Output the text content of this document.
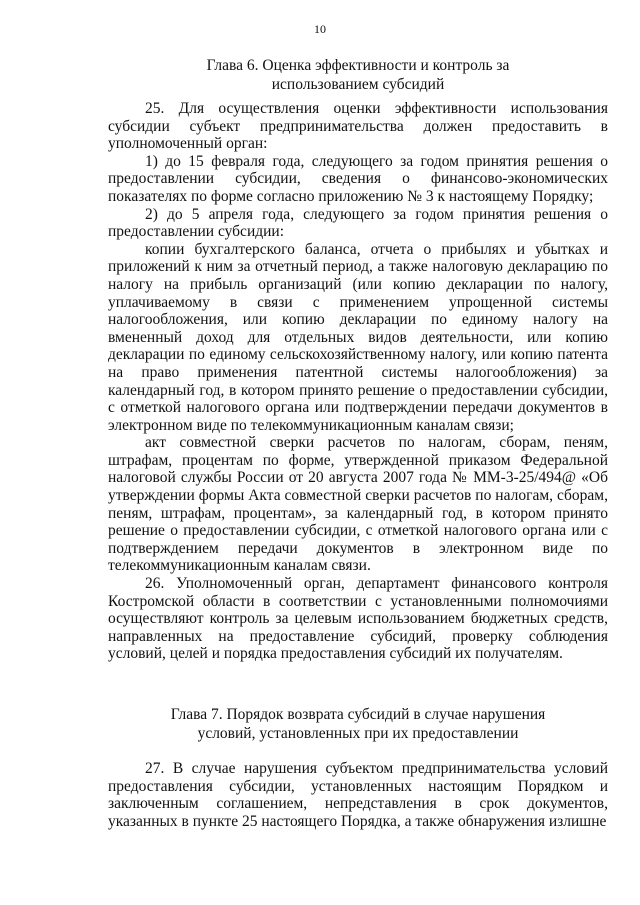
10
Глава 6. Оценка эффективности и контроль за
использованием субсидий

25. Для осуществления оценки эффективности использования субсидии субъект предпринимательства должен предоставить в уполномоченный орган:

1) до 15 февраля года, следующего за годом принятия решения о предоставлении субсидии, сведения о финансово-экономических показателях по форме согласно приложению № 3 к настоящему Порядку;

2) до 5 апреля года, следующего за годом принятия решения о предоставлении субсидии:

копии бухгалтерского баланса, отчета о прибылях и убытках и приложений к ним за отчетный период, а также налоговую декларацию по налогу на прибыль организаций (или копию декларации по налогу, уплачиваемому в связи с применением упрощенной системы налогообложения, или копию декларации по единому налогу на вмененный доход для отдельных видов деятельности, или копию декларации по единому сельскохозяйственному налогу, или копию патента на право применения патентной системы налогообложения) за календарный год, в котором принято решение о предоставлении субсидии, с отметкой налогового органа или подтверждении передачи документов в электронном виде по телекоммуникационным каналам связи;

акт совместной сверки расчетов по налогам, сборам, пеням, штрафам, процентам по форме, утвержденной приказом Федеральной налоговой службы России от 20 августа 2007 года № ММ-3-25/494@ «Об утверждении формы Акта совместной сверки расчетов по налогам, сборам, пеням, штрафам, процентам», за календарный год, в котором принято решение о предоставлении субсидии, с отметкой налогового органа или с подтверждением передачи документов в электронном виде по телекоммуникационным каналам связи.

26. Уполномоченный орган, департамент финансового контроля Костромской области в соответствии с установленными полномочиями осуществляют контроль за целевым использованием бюджетных средств, направленных на предоставление субсидий, проверку соблюдения условий, целей и порядка предоставления субсидий их получателям.

Глава 7. Порядок возврата субсидий в случае нарушения
условий, установленных при их предоставлении

27. В случае нарушения субъектом предпринимательства условий предоставления субсидии, установленных настоящим Порядком и заключенным соглашением, непредставления в срок документов, указанных в пункте 25 настоящего Порядка, а также обнаружения излишне
